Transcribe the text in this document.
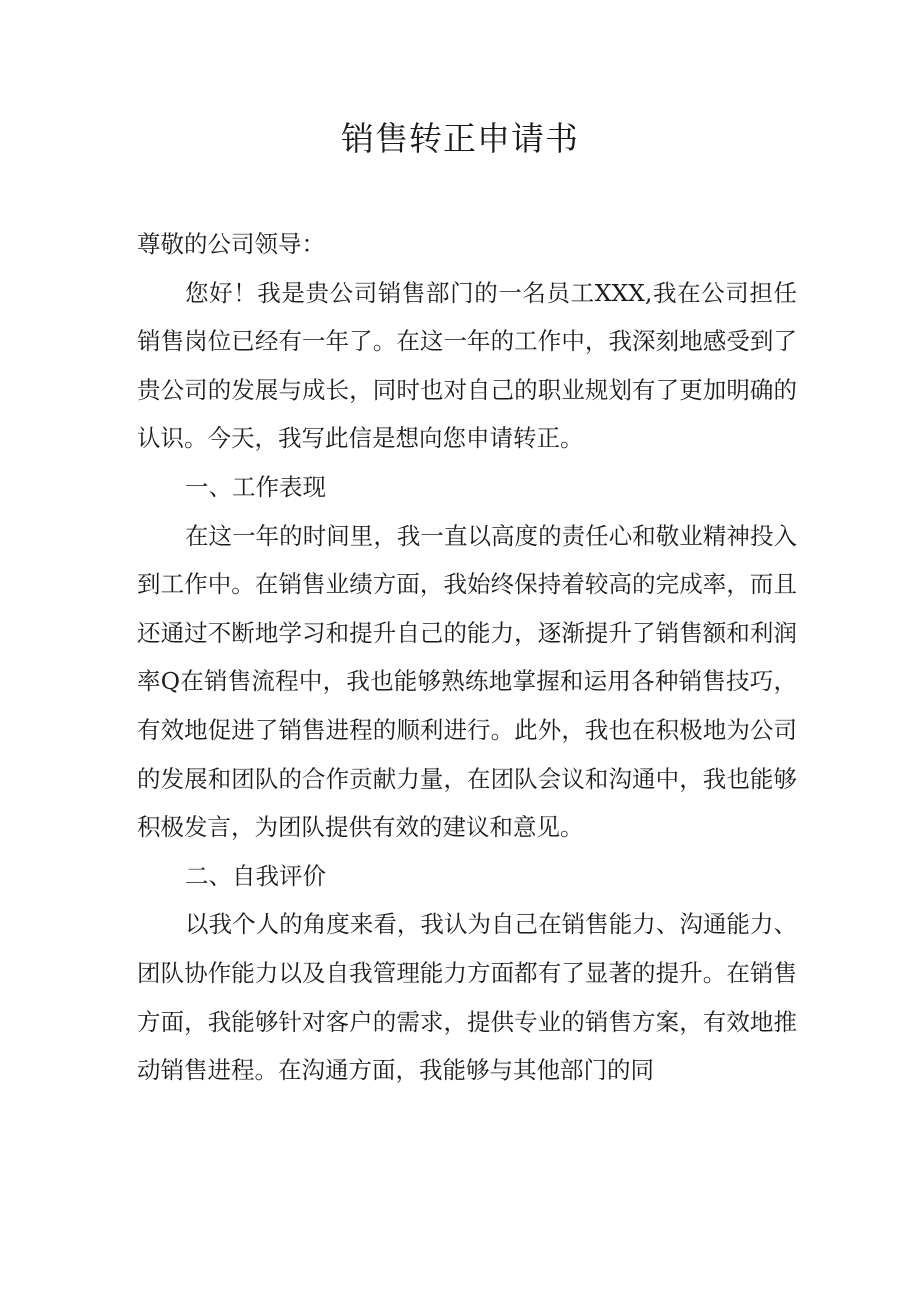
销售转正申请书

尊敬的公司领导：

您好！我是贵公司销售部门的一名员工XXX,我在公司担任销售岗位已经有一年了。在这一年的工作中，我深刻地感受到了贵公司的发展与成长，同时也对自己的职业规划有了更加明确的认识。今天，我写此信是想向您申请转正。

一、工作表现

在这一年的时间里，我一直以高度的责任心和敬业精神投入到工作中。在销售业绩方面，我始终保持着较高的完成率，而且还通过不断地学习和提升自己的能力，逐渐提升了销售额和利润率Q在销售流程中，我也能够熟练地掌握和运用各种销售技巧，有效地促进了销售进程的顺利进行。此外，我也在积极地为公司的发展和团队的合作贡献力量，在团队会议和沟通中，我也能够积极发言，为团队提供有效的建议和意见。

二、自我评价

以我个人的角度来看，我认为自己在销售能力、沟通能力、团队协作能力以及自我管理能力方面都有了显著的提升。在销售方面，我能够针对客户的需求，提供专业的销售方案，有效地推动销售进程。在沟通方面，我能够与其他部门的同
